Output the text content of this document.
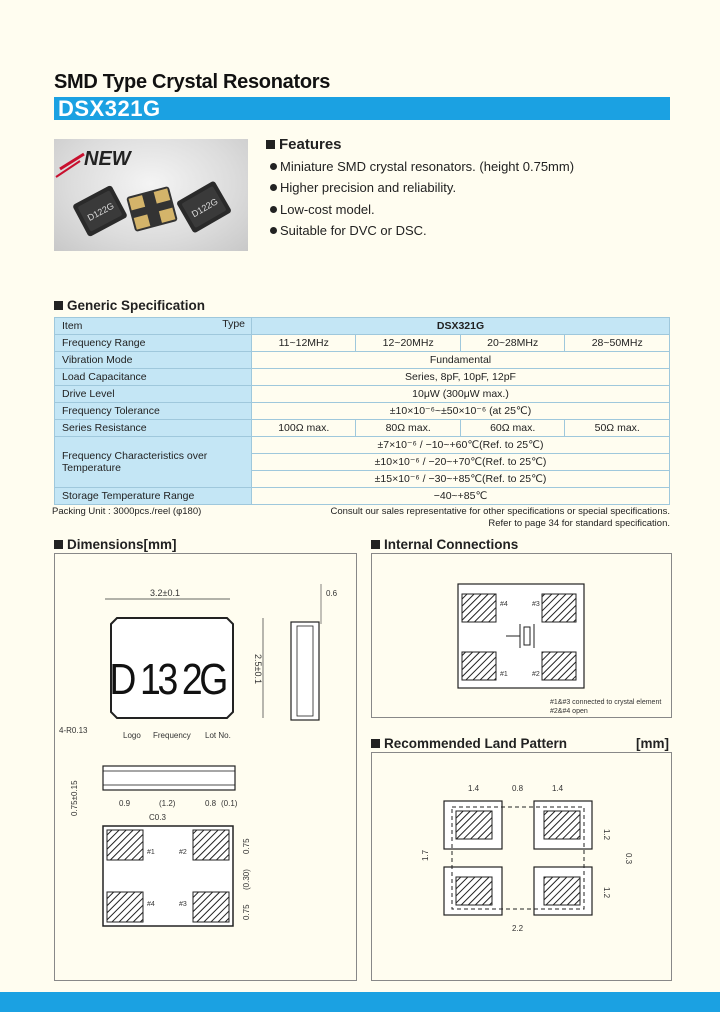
SMD Type Crystal Resonators
DSX321G
NEW
D122G	D122G
Features
Miniature SMD crystal resonators. (height 0.75mm)
Higher precision and reliability.
Low-cost model.
Suitable for DVC or DSC.
Generic Specification
Item Type	DSX321G			
Frequency Range	11~12MHz	12~20MHz	20~28MHz	28~50MHz
Vibration Mode	Fundamental			
Load Capacitance	Series, 8pF, 10pF, 12pF			
Drive Level	10μW (300μW max.)			
Frequency Tolerance	±10×10⁻⁶~±50×10⁻⁶ (at 25℃)			
Series Resistance	100Ω max.	80Ω max.	60Ω max.	50Ω max.
Frequency Characteristics over Temperature	±7×10⁻⁶ / −10~+60℃(Ref. to 25℃)			
	±10×10⁻⁶ / −20~+70℃(Ref. to 25℃)			
	±15×10⁻⁶ / −30~+85℃(Ref. to 25℃)			
Storage Temperature Range	−40~+85℃			
Packing Unit : 3000pcs./reel (φ180)	Consult our sales representative for other specifications or special specifications.
Refer to page 34 for standard specification.
Dimensions[mm]
3.2±0.1
D 13 2G	2.5±0.1
0.6
4-R0.13
Logo Frequency Lot No.
0.75±0.15	0.9	(1.2)	0.8 (0.1)
C0.3
#1	#2
#3
#4
0.75
(0.30)
0.75
Internal Connections
#4	#3
#1	#2
#1&#3 connected to crystal element
#2&#4 open
Recommended Land Pattern	[mm]
1.4	0.8	1.4
1.7
1.2
0.3
1.2
2.2
